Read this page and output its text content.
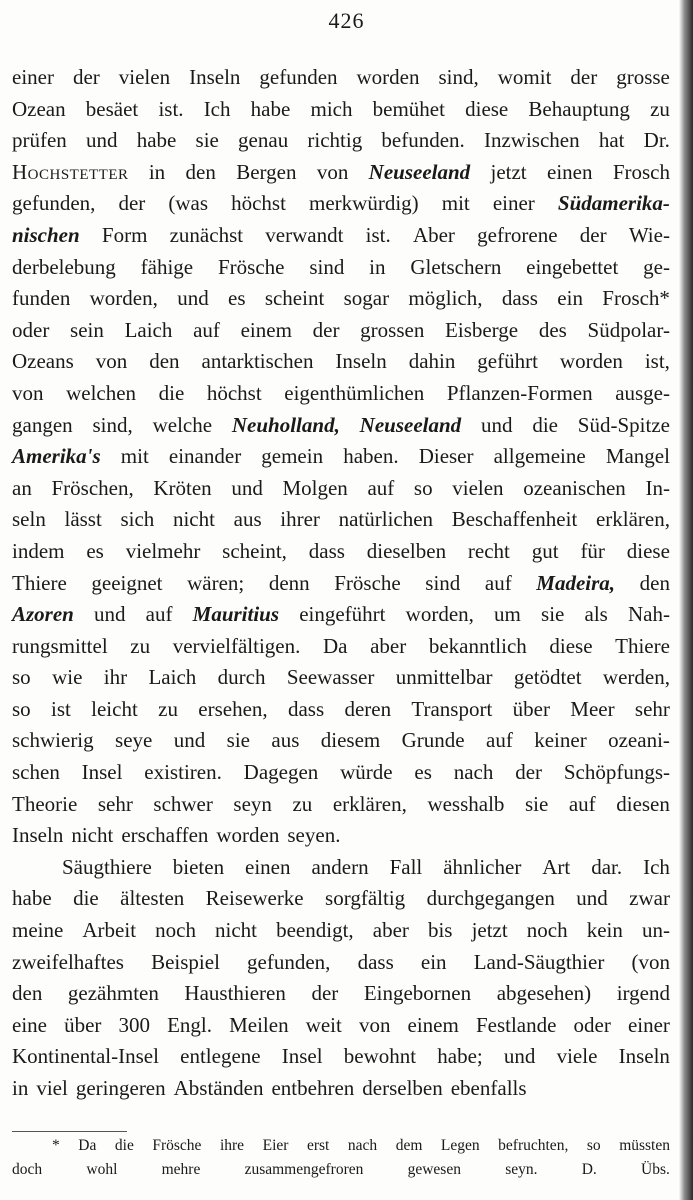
426
einer der vielen Inseln gefunden worden sind, womit der grosse
Ozean besäet ist. Ich habe mich bemühet diese Behauptung zu
prüfen und habe sie genau richtig befunden. Inzwischen hat Dr.
Hochstetter in den Bergen von Neuseeland jetzt einen Frosch
gefunden, der (was höchst merkwürdig) mit einer Südamerika-
nischen Form zunächst verwandt ist. Aber gefrorene der Wie-
derbelebung fähige Frösche sind in Gletschern eingebettet ge-
funden worden, und es scheint sogar möglich, dass ein Frosch*
oder sein Laich auf einem der grossen Eisberge des Südpolar-
Ozeans von den antarktischen Inseln dahin geführt worden ist,
von welchen die höchst eigenthümlichen Pflanzen-Formen ausge-
gangen sind, welche Neuholland, Neuseeland und die Süd-Spitze
Amerika's mit einander gemein haben. Dieser allgemeine Mangel
an Fröschen, Kröten und Molgen auf so vielen ozeanischen In-
seln lässt sich nicht aus ihrer natürlichen Beschaffenheit erklären,
indem es vielmehr scheint, dass dieselben recht gut für diese
Thiere geeignet wären; denn Frösche sind auf Madeira, den
Azoren und auf Mauritius eingeführt worden, um sie als Nah-
rungsmittel zu vervielfältigen. Da aber bekanntlich diese Thiere
so wie ihr Laich durch Seewasser unmittelbar getödtet werden,
so ist leicht zu ersehen, dass deren Transport über Meer sehr
schwierig seye und sie aus diesem Grunde auf keiner ozeani-
schen Insel existiren. Dagegen würde es nach der Schöpfungs-
Theorie sehr schwer seyn zu erklären, wesshalb sie auf diesen
Inseln nicht erschaffen worden seyen.
Säugthiere bieten einen andern Fall ähnlicher Art dar. Ich
habe die ältesten Reisewerke sorgfältig durchgegangen und zwar
meine Arbeit noch nicht beendigt, aber bis jetzt noch kein un-
zweifelhaftes Beispiel gefunden, dass ein Land-Säugthier (von
den gezähmten Hausthieren der Eingebornen abgesehen) irgend
eine über 300 Engl. Meilen weit von einem Festlande oder einer
Kontinental-Insel entlegene Insel bewohnt habe; und viele Inseln
in viel geringeren Abständen entbehren derselben ebenfalls
* Da die Frösche ihre Eier erst nach dem Legen befruchten, so müssten
doch	wohl	mehre	zusammengefroren	gewesen	seyn.	D.	Übs.
